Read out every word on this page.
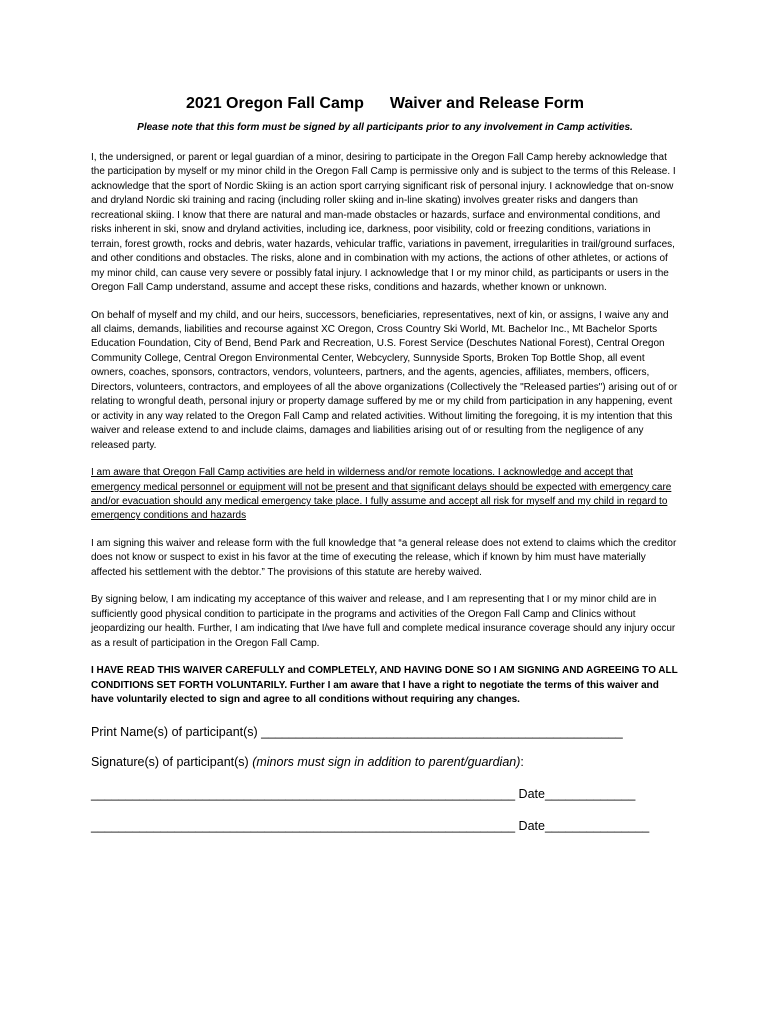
2021 Oregon Fall Camp Waiver and Release Form
Please note that this form must be signed by all participants prior to any involvement in Camp activities.

I, the undersigned, or parent or legal guardian of a minor, desiring to participate in the Oregon Fall Camp hereby acknowledge that the participation by myself or my minor child in the Oregon Fall Camp is permissive only and is subject to the terms of this Release. I acknowledge that the sport of Nordic Skiing is an action sport carrying significant risk of personal injury. I acknowledge that on-snow and dryland Nordic ski training and racing (including roller skiing and in-line skating) involves greater risks and dangers than recreational skiing. I know that there are natural and man-made obstacles or hazards, surface and environmental conditions, and risks inherent in ski, snow and dryland activities, including ice, darkness, poor visibility, cold or freezing conditions, variations in terrain, forest growth, rocks and debris, water hazards, vehicular traffic, variations in pavement, irregularities in trail/ground surfaces, and other conditions and obstacles. The risks, alone and in combination with my actions, the actions of other athletes, or actions of my minor child, can cause very severe or possibly fatal injury. I acknowledge that I or my minor child, as participants or users in the Oregon Fall Camp understand, assume and accept these risks, conditions and hazards, whether known or unknown.

On behalf of myself and my child, and our heirs, successors, beneficiaries, representatives, next of kin, or assigns, I waive any and all claims, demands, liabilities and recourse against XC Oregon, Cross Country Ski World, Mt. Bachelor Inc., Mt Bachelor Sports Education Foundation, City of Bend, Bend Park and Recreation, U.S. Forest Service (Deschutes National Forest), Central Oregon Community College, Central Oregon Environmental Center, Webcyclery, Sunnyside Sports, Broken Top Bottle Shop, all event owners, coaches, sponsors, contractors, vendors, volunteers, partners, and the agents, agencies, affiliates, members, officers, Directors, volunteers, contractors, and employees of all the above organizations (Collectively the "Released parties") arising out of or relating to wrongful death, personal injury or property damage suffered by me or my child from participation in any happening, event or activity in any way related to the Oregon Fall Camp and related activities. Without limiting the foregoing, it is my intention that this waiver and release extend to and include claims, damages and liabilities arising out of or resulting from the negligence of any released party.

I am aware that Oregon Fall Camp activities are held in wilderness and/or remote locations. I acknowledge and accept that emergency medical personnel or equipment will not be present and that significant delays should be expected with emergency care and/or evacuation should any medical emergency take place. I fully assume and accept all risk for myself and my child in regard to emergency conditions and hazards

I am signing this waiver and release form with the full knowledge that “a general release does not extend to claims which the creditor does not know or suspect to exist in his favor at the time of executing the release, which if known by him must have materially affected his settlement with the debtor.” The provisions of this statute are hereby waived.

By signing below, I am indicating my acceptance of this waiver and release, and I am representing that I or my minor child are in sufficiently good physical condition to participate in the programs and activities of the Oregon Fall Camp and Clinics without jeopardizing our health. Further, I am indicating that I/we have full and complete medical insurance coverage should any injury occur as a result of participation in the Oregon Fall Camp.

I HAVE READ THIS WAIVER CAREFULLY and COMPLETELY, AND HAVING DONE SO I AM SIGNING AND AGREEING TO ALL CONDITIONS SET FORTH VOLUNTARILY. Further I am aware that I have a right to negotiate the terms of this waiver and have voluntarily elected to sign and agree to all conditions without requiring any changes.

Print Name(s) of participant(s) ____________________________________________________
Signature(s) of participant(s) (minors must sign in addition to parent/guardian):
_____________________________________________________________ Date_____________
_____________________________________________________________ Date_______________
